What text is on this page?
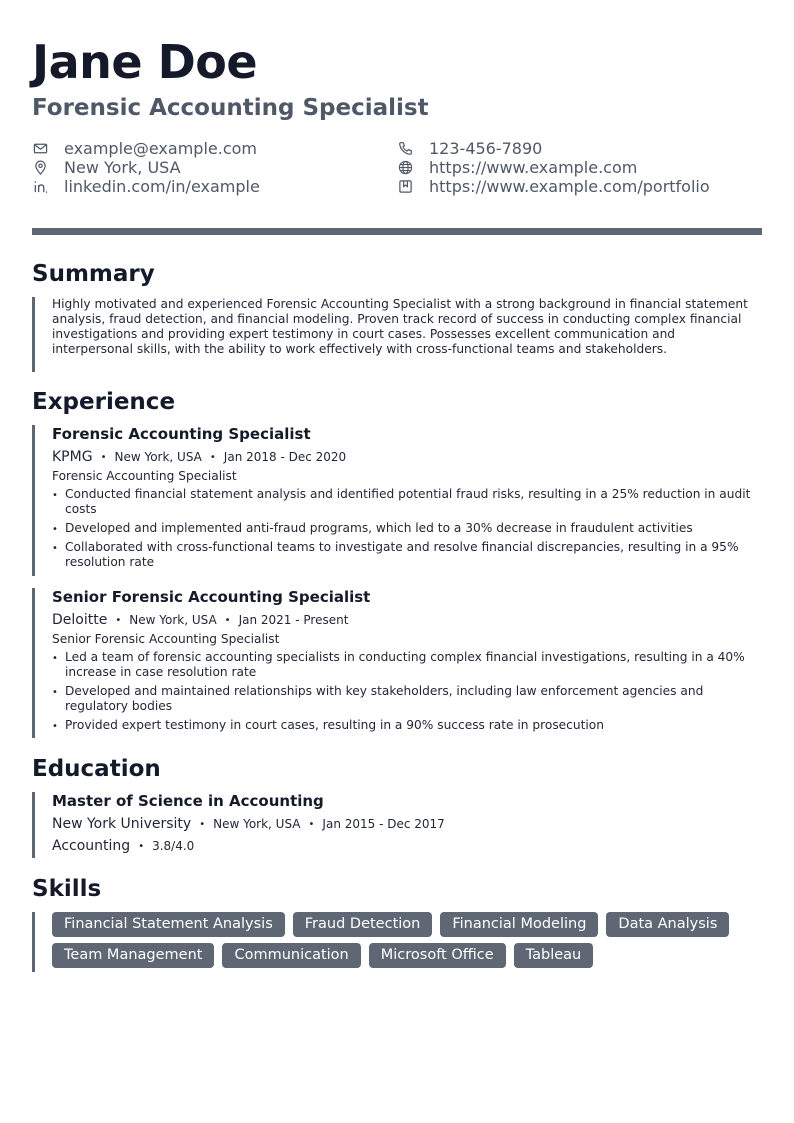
Jane Doe
Forensic Accounting Specialist
example@example.com	123-456-7890
New York, USA	https://www.example.com
linkedin.com/in/example	https://www.example.com/portfolio
Summary
Highly motivated and experienced Forensic Accounting Specialist with a strong background in financial statement analysis, fraud detection, and financial modeling. Proven track record of success in conducting complex financial investigations and providing expert testimony in court cases. Possesses excellent communication and interpersonal skills, with the ability to work effectively with cross-functional teams and stakeholders.
Experience
Forensic Accounting Specialist
KPMG • New York, USA • Jan 2018 - Dec 2020
Forensic Accounting Specialist
• Conducted financial statement analysis and identified potential fraud risks, resulting in a 25% reduction in audit costs
• Developed and implemented anti-fraud programs, which led to a 30% decrease in fraudulent activities
• Collaborated with cross-functional teams to investigate and resolve financial discrepancies, resulting in a 95% resolution rate
Senior Forensic Accounting Specialist
Deloitte • New York, USA • Jan 2021 - Present
Senior Forensic Accounting Specialist
• Led a team of forensic accounting specialists in conducting complex financial investigations, resulting in a 40% increase in case resolution rate
• Developed and maintained relationships with key stakeholders, including law enforcement agencies and regulatory bodies
• Provided expert testimony in court cases, resulting in a 90% success rate in prosecution
Education
Master of Science in Accounting
New York University • New York, USA • Jan 2015 - Dec 2017
Accounting • 3.8/4.0
Skills
Financial Statement Analysis	Fraud Detection	Financial Modeling	Data Analysis
Team Management	Communication	Microsoft Office	Tableau
